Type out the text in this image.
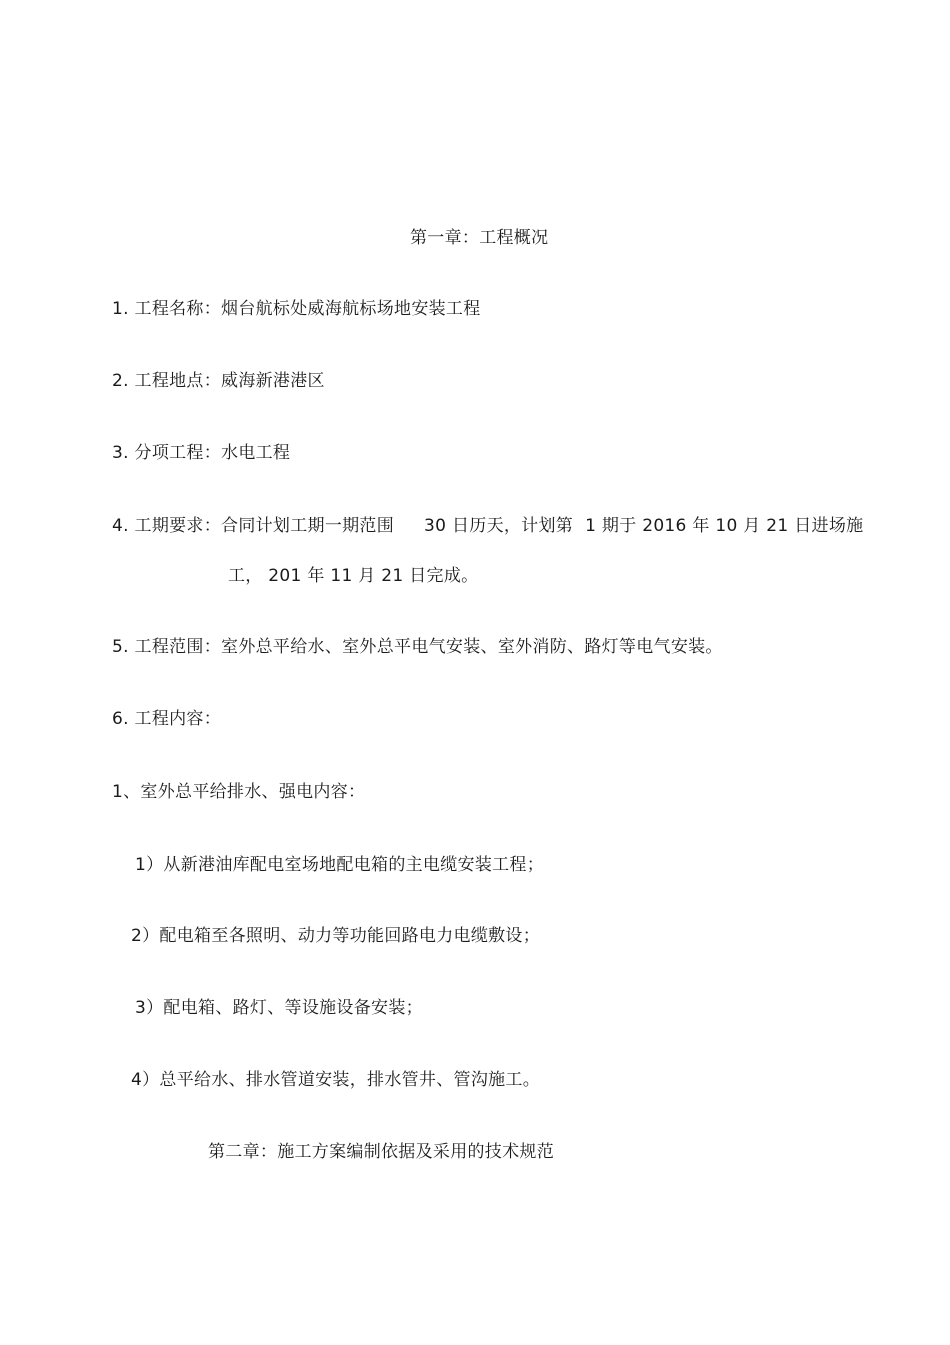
第一章：工程概况
1. 工程名称：烟台航标处威海航标场地安装工程
2. 工程地点：威海新港港区
3. 分项工程：水电工程
4. 工期要求：合同计划工期一期范围 30 日历天，计划第 1 期于 2016 年 10 月 21 日进场施
工， 201 年 11 月 21 日完成。
5. 工程范围：室外总平给水、室外总平电气安装、室外消防、路灯等电气安装。
6. 工程内容：
1、室外总平给排水、强电内容：
1）从新港油库配电室场地配电箱的主电缆安装工程；
2）配电箱至各照明、动力等功能回路电力电缆敷设；
3）配电箱、路灯、等设施设备安装；
4）总平给水、排水管道安装，排水管井、管沟施工。
第二章：施工方案编制依据及采用的技术规范
